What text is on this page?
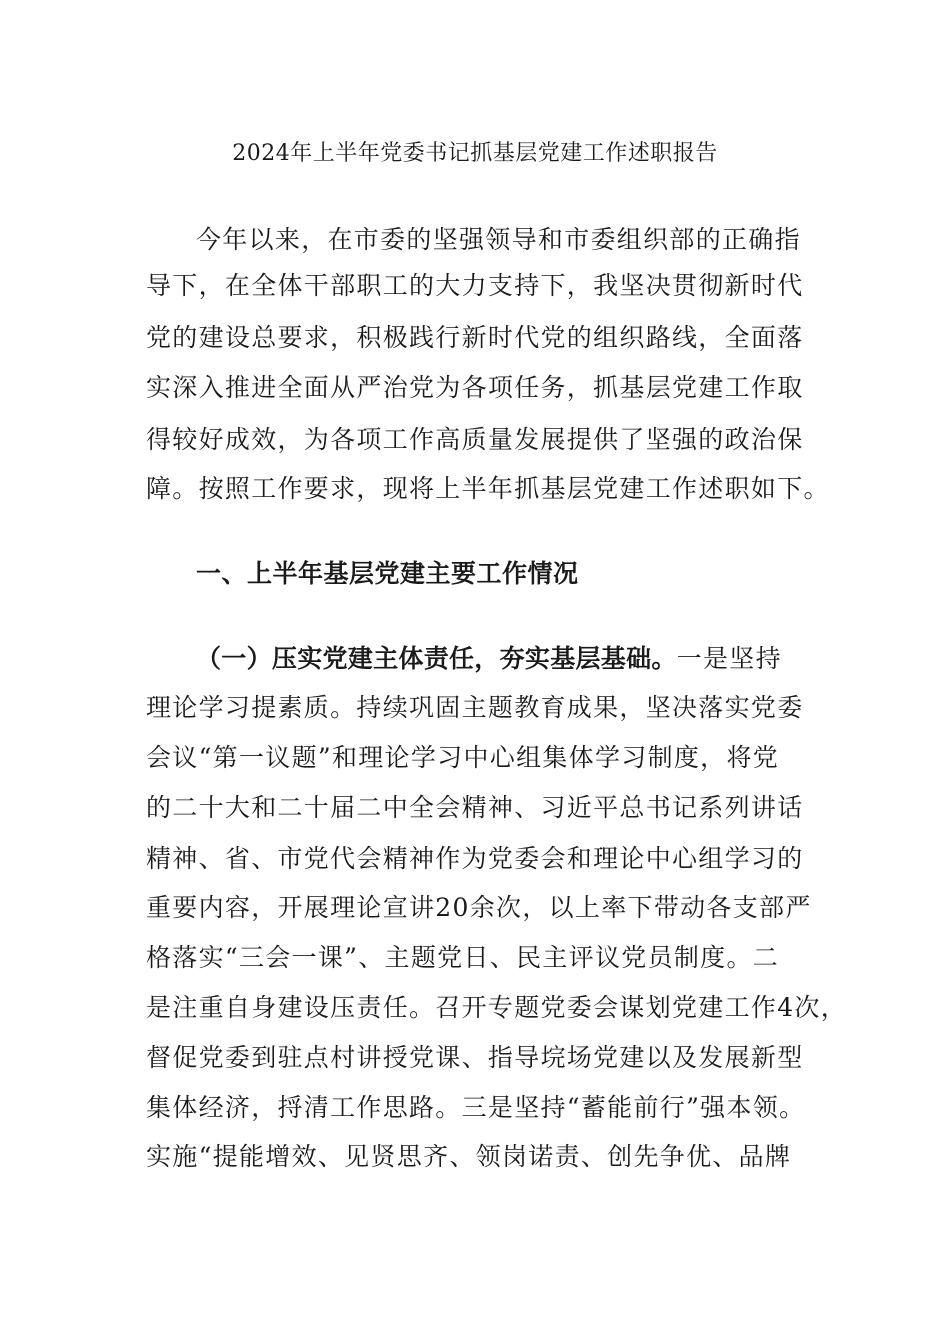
2024年上半年党委书记抓基层党建工作述职报告
今年以来，在市委的坚强领导和市委组织部的正确指
导下，在全体干部职工的大力支持下，我坚决贯彻新时代
党的建设总要求，积极践行新时代党的组织路线，全面落
实深入推进全面从严治党为各项任务，抓基层党建工作取
得较好成效，为各项工作高质量发展提供了坚强的政治保
障。按照工作要求，现将上半年抓基层党建工作述职如下。
一、上半年基层党建主要工作情况
（一）压实党建主体责任，夯实基层基础。一是坚持
理论学习提素质。持续巩固主题教育成果，坚决落实党委
会议“第一议题”和理论学习中心组集体学习制度，将党
的二十大和二十届二中全会精神、习近平总书记系列讲话
精神、省、市党代会精神作为党委会和理论中心组学习的
重要内容，开展理论宣讲20余次，以上率下带动各支部严
格落实“三会一课”、主题党日、民主评议党员制度。二
是注重自身建设压责任。召开专题党委会谋划党建工作4次，
督促党委到驻点村讲授党课、指导垸场党建以及发展新型
集体经济，捋清工作思路。三是坚持“蓄能前行”强本领。
实施“提能增效、见贤思齐、领岗诺责、创先争优、品牌
